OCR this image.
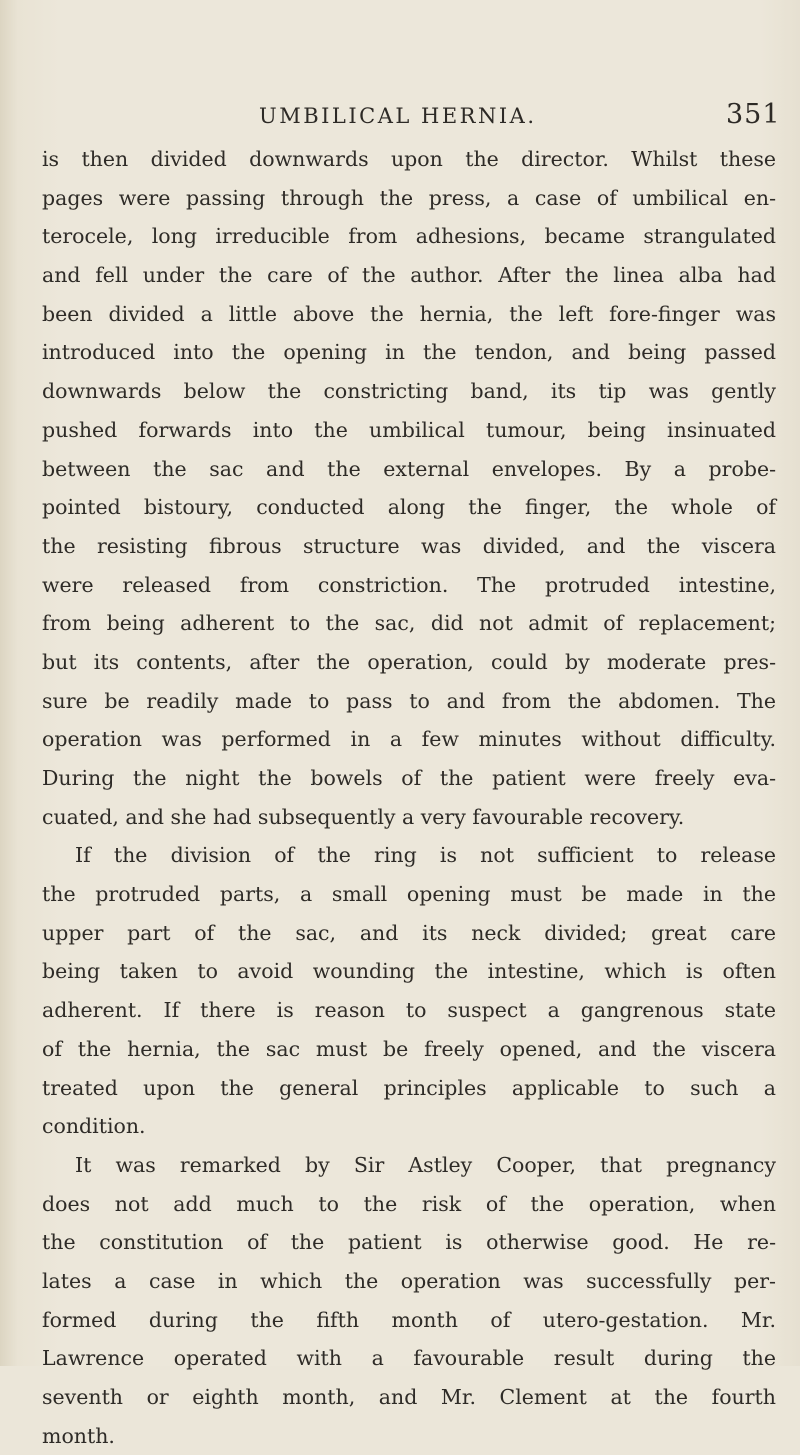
UMBILICAL HERNIA.	351
is then divided downwards upon the director. Whilst these
pages were passing through the press, a case of umbilical en-
terocele, long irreducible from adhesions, became strangulated
and fell under the care of the author. After the linea alba had
been divided a little above the hernia, the left fore-finger was
introduced into the opening in the tendon, and being passed
downwards below the constricting band, its tip was gently
pushed forwards into the umbilical tumour, being insinuated
between the sac and the external envelopes. By a probe-
pointed bistoury, conducted along the finger, the whole of
the resisting fibrous structure was divided, and the viscera
were released from constriction. The protruded intestine,
from being adherent to the sac, did not admit of replacement;
but its contents, after the operation, could by moderate pres-
sure be readily made to pass to and from the abdomen. The
operation was performed in a few minutes without difficulty.
During the night the bowels of the patient were freely eva-
cuated, and she had subsequently a very favourable recovery.
If the division of the ring is not sufficient to release
the protruded parts, a small opening must be made in the
upper part of the sac, and its neck divided; great care
being taken to avoid wounding the intestine, which is often
adherent. If there is reason to suspect a gangrenous state
of the hernia, the sac must be freely opened, and the viscera
treated upon the general principles applicable to such a
condition.
It was remarked by Sir Astley Cooper, that pregnancy
does not add much to the risk of the operation, when
the constitution of the patient is otherwise good. He re-
lates a case in which the operation was successfully per-
formed during the fifth month of utero-gestation. Mr.
Lawrence operated with a favourable result during the
seventh or eighth month, and Mr. Clement at the fourth
month.
